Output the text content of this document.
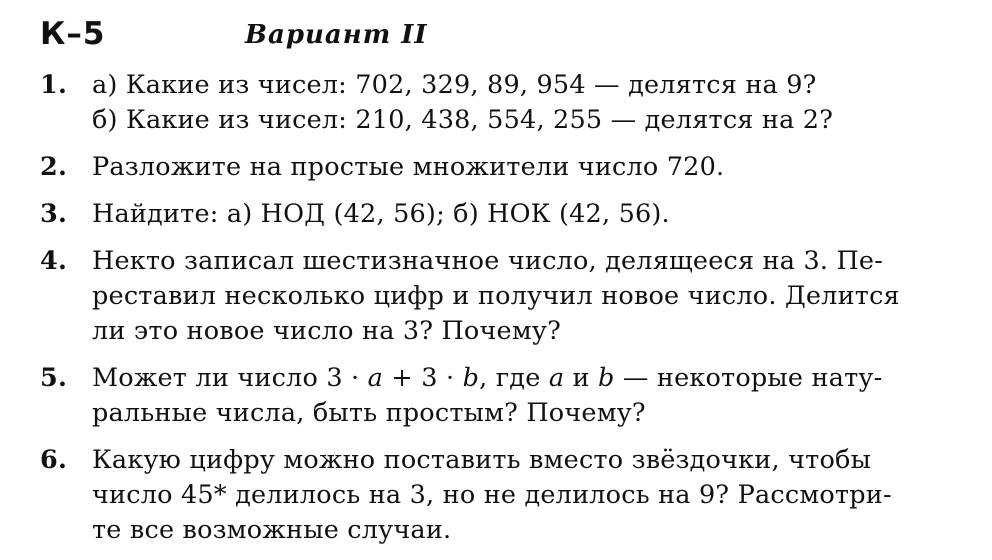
К–5	Вариант II
1. а) Какие из чисел: 702, 329, 89, 954 — делятся на 9?
б) Какие из чисел: 210, 438, 554, 255 — делятся на 2?
2. Разложите на простые множители число 720.
3. Найдите: а) НОД (42, 56); б) НОК (42, 56).
4. Некто записал шестизначное число, делящееся на 3. Пе-
реставил несколько цифр и получил новое число. Делится
ли это новое число на 3? Почему?
5. Может ли число 3 · a + 3 · b, где a и b — некоторые нату-
ральные числа, быть простым? Почему?
6. Какую цифру можно поставить вместо звёздочки, чтобы
число 45* делилось на 3, но не делилось на 9? Рассмотри-
те все возможные случаи.
